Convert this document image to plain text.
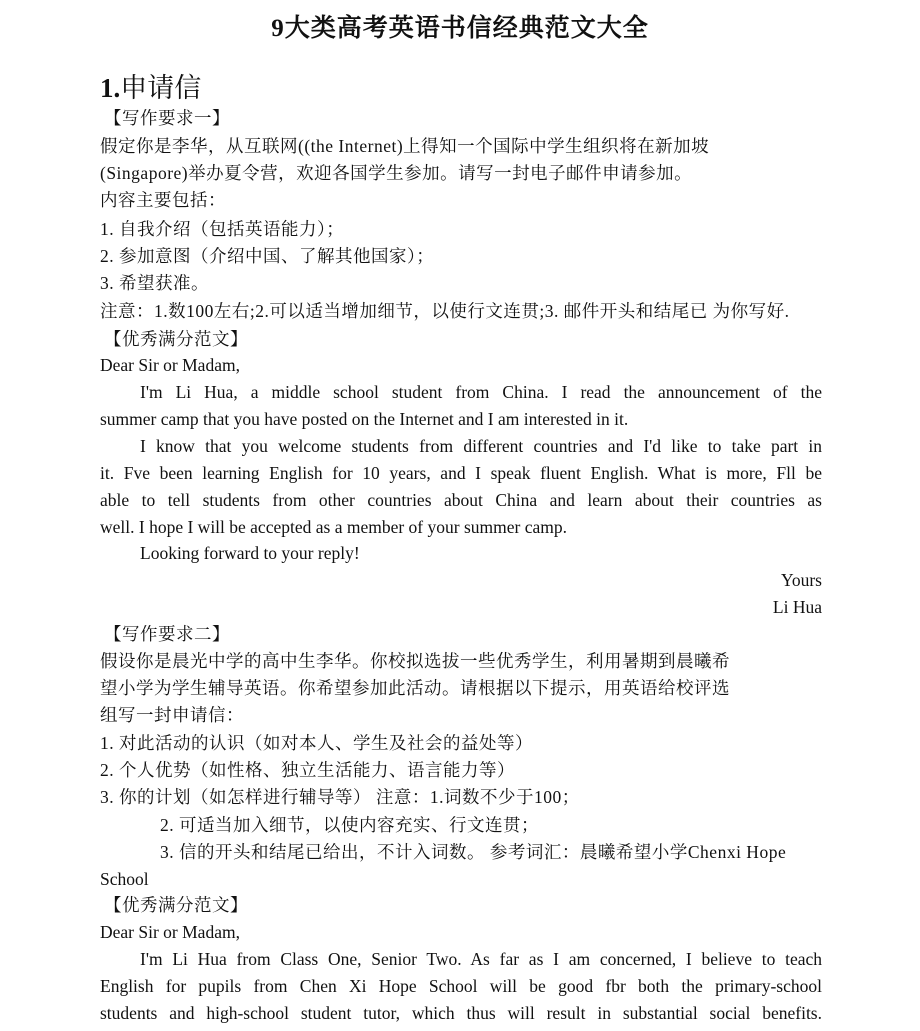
9大类高考英语书信经典范文大全
1.申请信
【写作要求一】
假定你是李华，从互联网((the Internet)上得知一个国际中学生组织将在新加坡
(Singapore)举办夏令营，欢迎各国学生参加。请写一封电子邮件申请参加。
内容主要包括：
1. 自我介绍（包括英语能力）；
2. 参加意图（介绍中国、了解其他国家）；
3. 希望获准。
注意：1.数100左右;2.可以适当增加细节，以使行文连贯;3. 邮件开头和结尾已 为你写好.
【优秀满分范文】
Dear Sir or Madam,
I'm Li Hua, a middle school student from China. I read the announcement of the
summer camp that you have posted on the Internet and I am interested in it.
I know that you welcome students from different countries and I'd like to take part in
it. Fve been learning English for 10 years, and I speak fluent English. What is more, Fll be
able to tell students from other countries about China and learn about their countries as
well. I hope I will be accepted as a member of your summer camp.
Looking forward to your reply!
Yours
Li Hua
【写作要求二】
假设你是晨光中学的高中生李华。你校拟选拔一些优秀学生，利用暑期到晨曦希
望小学为学生辅导英语。你希望参加此活动。请根据以下提示，用英语给校评选
组写一封申请信：
1. 对此活动的认识（如对本人、学生及社会的益处等）
2. 个人优势（如性格、独立生活能力、语言能力等）
3. 你的计划（如怎样进行辅导等） 注意：1.词数不少于100；
2. 可适当加入细节，以使内容充实、行文连贯；
3. 信的开头和结尾已给出，不计入词数。 参考词汇：晨曦希望小学Chenxi Hope
School
【优秀满分范文】
Dear Sir or Madam,
I'm Li Hua from Class One, Senior Two. As far as I am concerned, I believe to teach
English for pupils from Chen Xi Hope School will be good fbr both the primary-school
students and high-school student tutor, which thus will result in substantial social benefits.
